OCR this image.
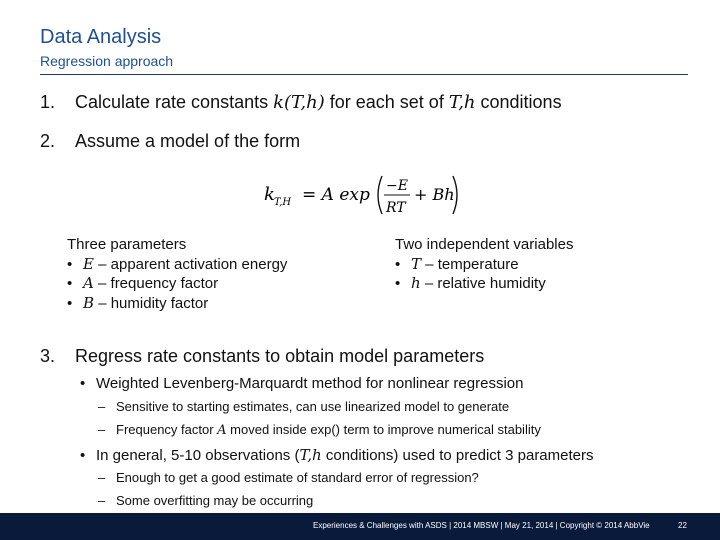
Data Analysis
Regression approach
1. Calculate rate constants k(T,h) for each set of T,h conditions
2. Assume a model of the form
k T,H = A exp −E
RT
+ Bh
Three parameters
• E – apparent activation energy
• A – frequency factor
• B – humidity factor
Two independent variables
• T – temperature
• h – relative humidity
3. Regress rate constants to obtain model parameters
• Weighted Levenberg-Marquardt method for nonlinear regression
– Sensitive to starting estimates, can use linearized model to generate
– Frequency factor A moved inside exp() term to improve numerical stability
• In general, 5-10 observations (T,h conditions) used to predict 3 parameters
– Enough to get a good estimate of standard error of regression?
– Some overfitting may be occurring
Experiences & Challenges with ASDS | 2014 MBSW | May 21, 2014 | Copyright © 2014 AbbVie	22
